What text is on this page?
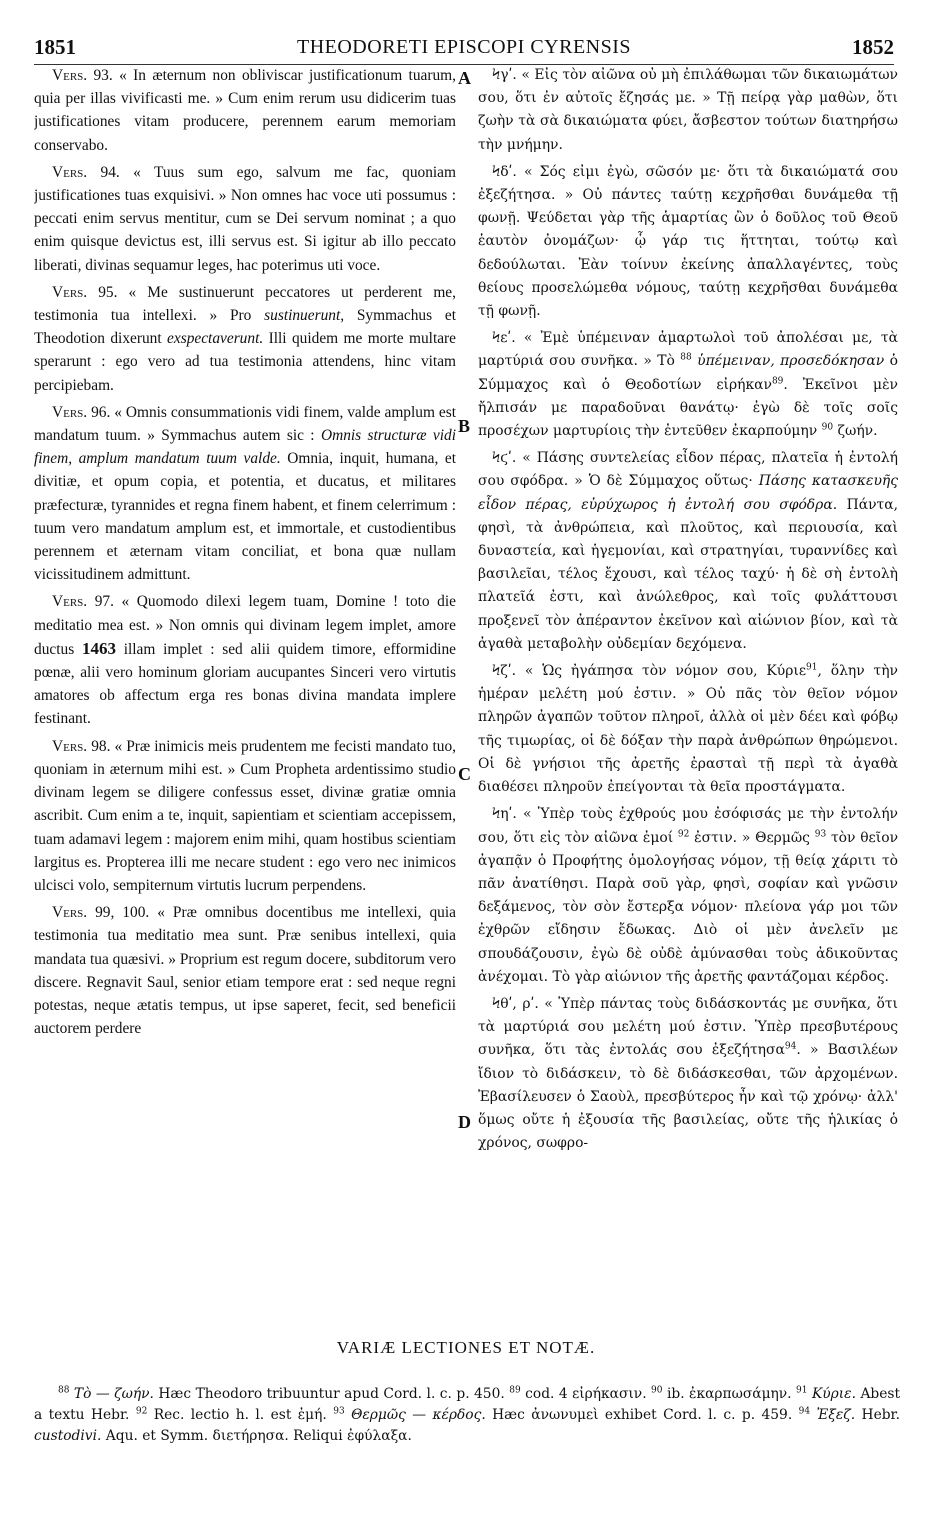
1851	THEODORETI EPISCOPI CYRENSIS	1852
A
B
C
D

Vers. 93. « In æternum non obliviscar justificationum tuarum, quia per illas vivificasti me. » Cum enim rerum usu didicerim tuas justificationes vitam producere, perennem earum memoriam conservabo.

Vers. 94. « Tuus sum ego, salvum me fac, quoniam justificationes tuas exquisivi. » Non omnes hac voce uti possumus : peccati enim servus mentitur, cum se Dei servum nominat ; a quo enim quisque devictus est, illi servus est. Si igitur ab illo peccato liberati, divinas sequamur leges, hac poterimus uti voce.

Vers. 95. « Me sustinuerunt peccatores ut perderent me, testimonia tua intellexi. » Pro sustinuerunt, Symmachus et Theodotion dixerunt exspectaverunt. Illi quidem me morte multare sperarunt : ego vero ad tua testimonia attendens, hinc vitam percipiebam.

Vers. 96. « Omnis consummationis vidi finem, valde amplum est mandatum tuum. » Symmachus autem sic : Omnis structuræ vidi finem, amplum mandatum tuum valde. Omnia, inquit, humana, et divitiæ, et opum copia, et potentia, et ducatus, et militares præfecturæ, tyrannides et regna finem habent, et finem celerrimum : tuum vero mandatum amplum est, et immortale, et custodientibus perennem et æternam vitam conciliat, et bona quæ nullam vicissitudinem admittunt.

Vers. 97. « Quomodo dilexi legem tuam, Domine ! toto die meditatio mea est. » Non omnis qui divinam legem implet, amore ductus 1463 illam implet : sed alii quidem timore, efformidine pœnæ, alii vero hominum gloriam aucupantes Sinceri vero virtutis amatores ob affectum erga res bonas divina mandata implere festinant.

Vers. 98. « Præ inimicis meis prudentem me fecisti mandato tuo, quoniam in æternum mihi est. » Cum Propheta ardentissimo studio divinam legem se diligere confessus esset, divinæ gratiæ omnia ascribit. Cum enim a te, inquit, sapientiam et scientiam accepissem, tuam adamavi legem : majorem enim mihi, quam hostibus scientiam largitus es. Propterea illi me necare student : ego vero nec inimicos ulcisci volo, sempiternum virtutis lucrum perpendens.

Vers. 99, 100. « Præ omnibus docentibus me intellexi, quia testimonia tua meditatio mea sunt. Præ senibus intellexi, quia mandata tua quæsivi. » Proprium est regum docere, subditorum vero discere. Regnavit Saul, senior etiam tempore erat : sed neque regni potestas, neque ætatis tempus, ut ipse saperet, fecit, sed beneficii auctorem perdere

Ϟγʹ. « Εἰς τὸν αἰῶνα οὐ μὴ ἐπιλάθωμαι τῶν δικαιωμάτων σου, ὅτι ἐν αὐτοῖς ἔζησάς με. » Τῇ πείρᾳ γὰρ μαθὼν, ὅτι ζωὴν τὰ σὰ δικαιώματα φύει, ἄσβεστον τούτων διατηρήσω τὴν μνήμην.

Ϟδʹ. « Σός εἰμι ἐγὼ, σῶσόν με· ὅτι τὰ δικαιώματά σου ἐξεζήτησα. » Οὐ πάντες ταύτῃ κεχρῆσθαι δυνάμεθα τῇ φωνῇ. Ψεύδεται γὰρ τῆς ἁμαρτίας ὢν ὁ δοῦλος τοῦ Θεοῦ ἑαυτὸν ὀνομάζων· ᾧ γάρ τις ἥττηται, τούτῳ καὶ δεδούλωται. Ἐὰν τοίνυν ἐκείνης ἀπαλλαγέντες, τοὺς θείους προσελώμεθα νόμους, ταύτῃ κεχρῆσθαι δυνάμεθα τῇ φωνῇ.

Ϟεʹ. « Ἐμὲ ὑπέμειναν ἁμαρτωλοὶ τοῦ ἀπολέσαι με, τὰ μαρτύριά σου συνῆκα. » Τὸ $^{88}$ ὑπέμειναν, προσεδόκησαν ὁ Σύμμαχος καὶ ὁ Θεοδοτίων εἰρήκαν$^{89}$. Ἐκεῖνοι μὲν ἤλπισάν με παραδοῦναι θανάτῳ· ἐγὼ δὲ τοῖς σοῖς προσέχων μαρτυρίοις τὴν ἐντεῦθεν ἐκαρπούμην $^{90}$ ζωήν.

Ϟϛʹ. « Πάσης συντελείας εἶδον πέρας, πλατεῖα ἡ ἐντολή σου σφόδρα. » Ὁ δὲ Σύμμαχος οὕτως· Πάσης κατασκευῆς εἶδον πέρας, εὐρύχωρος ἡ ἐντολή σου σφόδρα. Πάντα, φησὶ, τὰ ἀνθρώπεια, καὶ πλοῦτος, καὶ περιουσία, καὶ δυναστεία, καὶ ἡγεμονίαι, καὶ στρατηγίαι, τυραννίδες καὶ βασιλεῖαι, τέλος ἔχουσι, καὶ τέλος ταχύ· ἡ δὲ σὴ ἐντολὴ πλατεῖά ἐστι, καὶ ἀνώλεθρος, καὶ τοῖς φυλάττουσι προξενεῖ τὸν ἀπέραντον ἐκεῖνον καὶ αἰώνιον βίον, καὶ τὰ ἀγαθὰ μεταβολὴν οὐδεμίαν δεχόμενα.

Ϟζʹ. « Ὡς ἠγάπησα τὸν νόμον σου, Κύριε$^{91}$, ὅλην τὴν ἡμέραν μελέτη μού ἐστιν. » Οὐ πᾶς τὸν θεῖον νόμον πληρῶν ἀγαπῶν τοῦτον πληροῖ, ἀλλὰ οἱ μὲν δέει καὶ φόβῳ τῆς τιμωρίας, οἱ δὲ δόξαν τὴν παρὰ ἀνθρώπων θηρώμενοι. Οἱ δὲ γνήσιοι τῆς ἀρετῆς ἐρασταὶ τῇ περὶ τὰ ἀγαθὰ διαθέσει πληροῦν ἐπείγονται τὰ θεῖα προστάγματα.

Ϟηʹ. « Ὑπὲρ τοὺς ἐχθρούς μου ἐσόφισάς με τὴν ἐντολήν σου, ὅτι εἰς τὸν αἰῶνα ἐμοί $^{92}$ ἐστιν. » Θερμῶς $^{93}$ τὸν θεῖον ἀγαπᾷν ὁ Προφήτης ὁμολογήσας νόμον, τῇ θείᾳ χάριτι τὸ πᾶν ἀνατίθησι. Παρὰ σοῦ γὰρ, φησὶ, σοφίαν καὶ γνῶσιν δεξάμενος, τὸν σὸν ἔστερξα νόμον· πλείονα γάρ μοι τῶν ἐχθρῶν εἴδησιν ἔδωκας. Διὸ οἱ μὲν ἀνελεῖν με σπουδάζουσιν, ἐγὼ δὲ οὐδὲ ἀμύνασθαι τοὺς ἀδικοῦντας ἀνέχομαι. Τὸ γὰρ αἰώνιον τῆς ἀρετῆς φαντάζομαι κέρδος.

Ϟθʹ, ρʹ. « Ὑπὲρ πάντας τοὺς διδάσκοντάς με συνῆκα, ὅτι τὰ μαρτύριά σου μελέτη μού ἐστιν. Ὑπὲρ πρεσβυτέρους συνῆκα, ὅτι τὰς ἐντολάς σου ἐξεζήτησα$^{94}$. » Βασιλέων ἴδιον τὸ διδάσκειν, τὸ δὲ διδάσκεσθαι, τῶν ἀρχομένων. Ἐβασίλευσεν ὁ Σαοὺλ, πρεσβύτερος ἦν καὶ τῷ χρόνῳ· ἀλλ' ὅμως οὔτε ἡ ἐξουσία τῆς βασιλείας, οὔτε τῆς ἡλικίας ὁ χρόνος, σωφρο-

VARIÆ LECTIONES ET NOTÆ.
$^{88}$ Τὸ — ζωήν. Hæc Theodoro tribuuntur apud Cord. l. c. p. 450. $^{89}$ cod. 4 εἰρήκασιν. $^{90}$ ib. ἐκαρπωσάμην. $^{91}$ Κύριε. Abest a textu Hebr. $^{92}$ Rec. lectio h. l. est ἐμή. $^{93}$ Θερμῶς — κέρδος. Hæc ἀνωνυμεὶ exhibet Cord. l. c. p. 459. $^{94}$ Ἐξεζ. Hebr. custodivi. Aqu. et Symm. διετήρησα. Reliqui ἐφύλαξα.
